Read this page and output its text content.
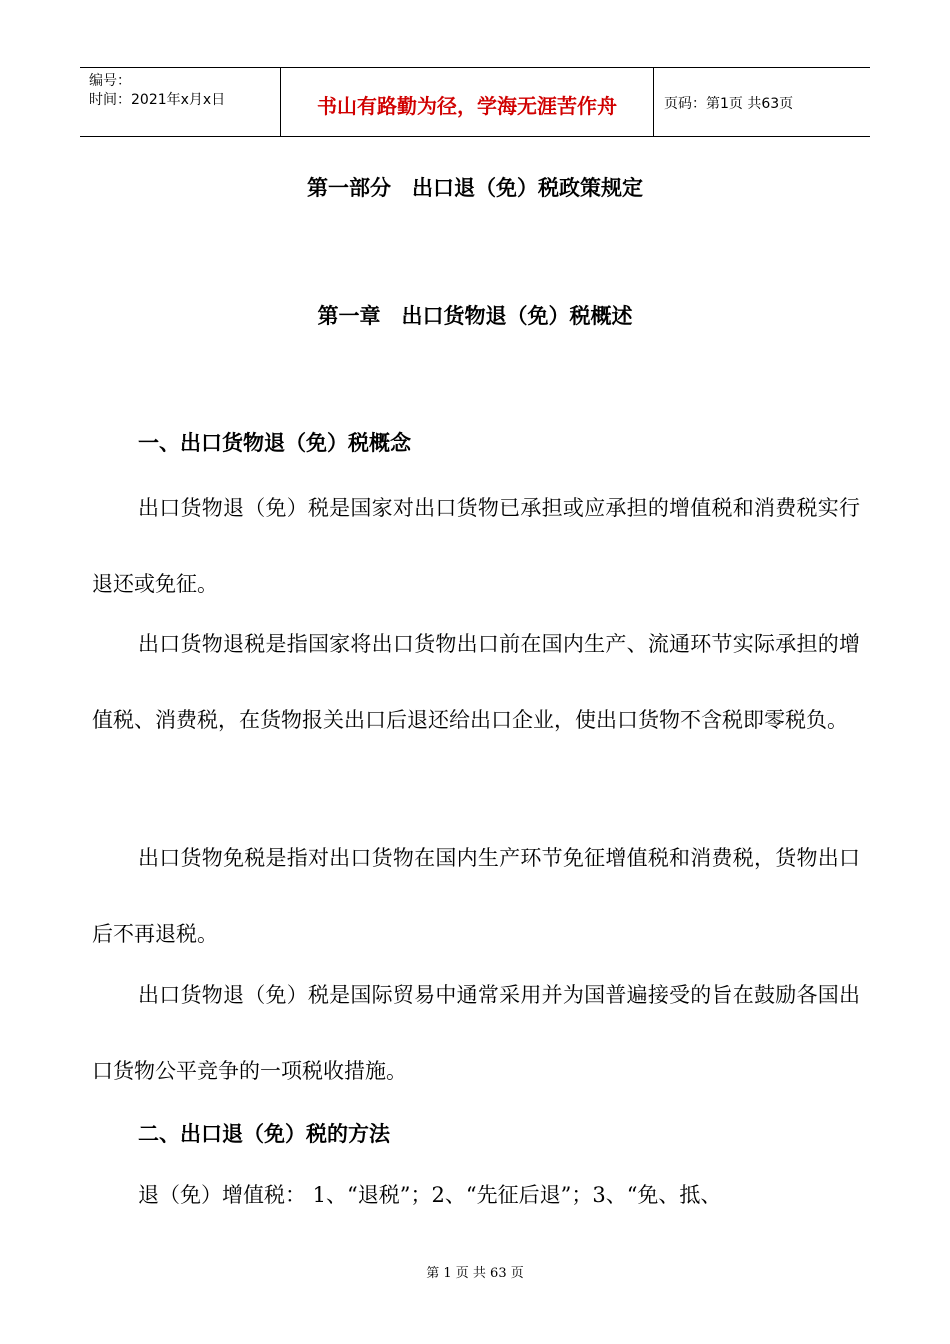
编号：
时间：2021年x月x日	书山有路勤为径，学海无涯苦作舟	页码：第1页 共63页
第一部分　出口退（免）税政策规定
第一章　出口货物退（免）税概述
一、出口货物退（免）税概念

出口货物退（免）税是国家对出口货物已承担或应承担的增值税和消费税实行退还或免征。

出口货物退税是指国家将出口货物出口前在国内生产、流通环节实际承担的增值税、消费税，在货物报关出口后退还给出口企业，使出口货物不含税即零税负。

出口货物免税是指对出口货物在国内生产环节免征增值税和消费税，货物出口后不再退税。

出口货物退（免）税是国际贸易中通常采用并为国普遍接受的旨在鼓励各国出口货物公平竞争的一项税收措施。

二、出口退（免）税的方法

退（免）增值税： 1、“退税”；2、“先征后退”；3、“免、抵、

第 1 页 共 63 页
